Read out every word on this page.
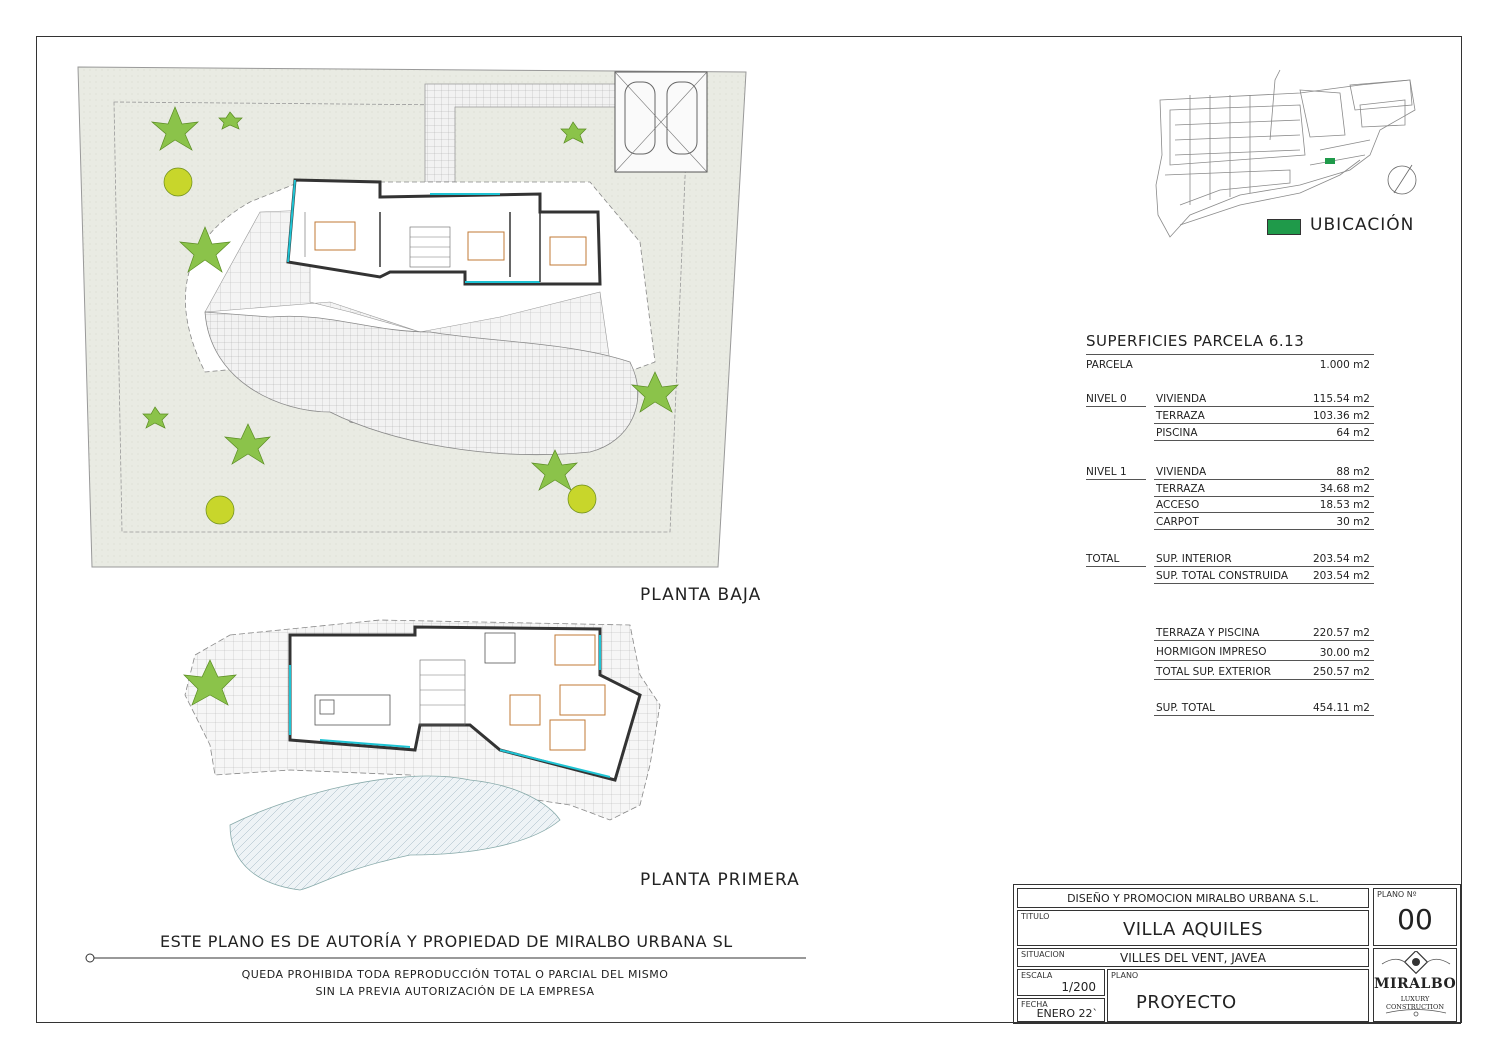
PLANTA BAJA
PLANTA PRIMERA
UBICACIÓN
SUPERFICIES PARCELA 6.13
PARCELA	1.000 m2
NIVEL 0	VIVIENDA	115.54 m2
TERRAZA	103.36 m2
PISCINA	64 m2
NIVEL 1	VIVIENDA	88 m2
TERRAZA	34.68 m2
ACCESO	18.53 m2
CARPOT	30 m2
TOTAL	SUP. INTERIOR	203.54 m2
SUP. TOTAL CONSTRUIDA 203.54 m2
TERRAZA Y PISCINA	220.57 m2
HORMIGON IMPRESO	30.00 m2
TOTAL SUP. EXTERIOR	250.57 m2
SUP. TOTAL	454.11 m2
ESTE PLANO ES DE AUTORÍA Y PROPIEDAD DE MIRALBO URBANA SL
QUEDA PROHIBIDA TODA REPRODUCCIÓN TOTAL O PARCIAL DEL MISMO
SIN LA PREVIA AUTORIZACIÓN DE LA EMPRESA
DISEÑO Y PROMOCION MIRALBO URBANA S.L.	PLANO Nº
00
TITULO
VILLA AQUILES
SITUACION	VILLES DEL VENT, JAVEA
ESCALA
1/200
FECHA
ENERO 22`
PLANO
PROYECTO
MIRALBO
LUXURY CONSTRUCTION
